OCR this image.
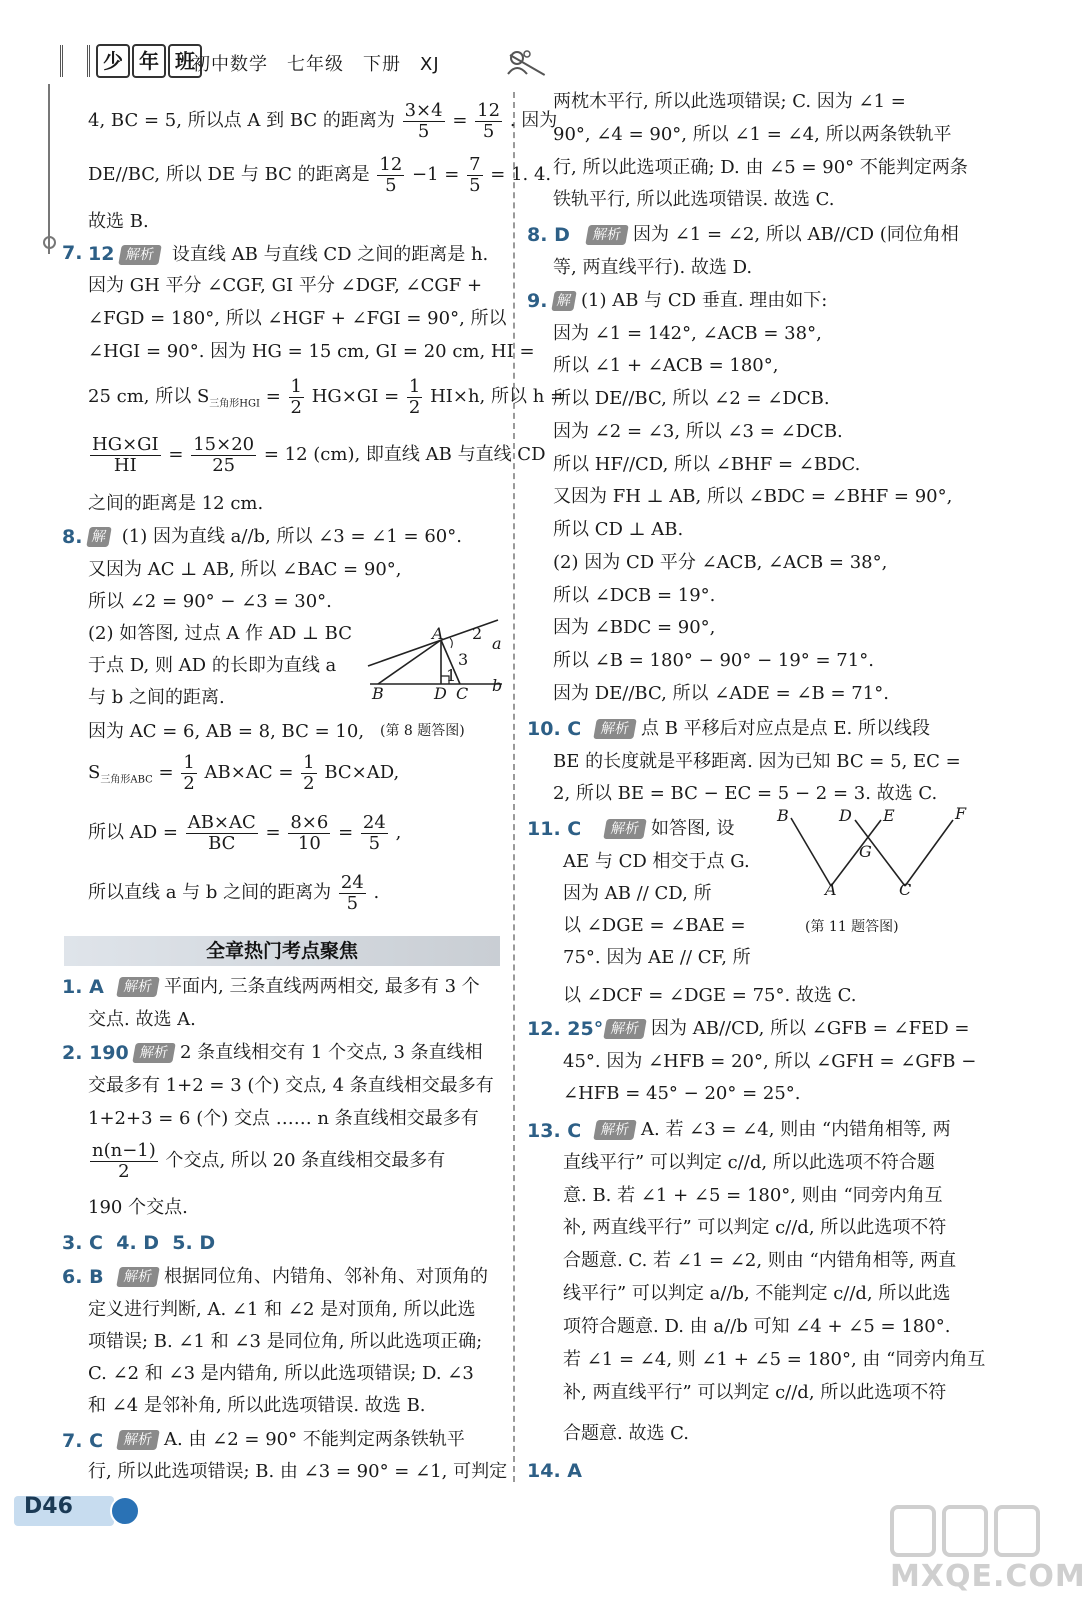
少 年 班
初中数学　七年级　下册　XJ
4, BC = 5, 所以点 A 到 BC 的距离为 $\frac{3\times 4}{5} = \frac{12}{5}$ . 因为
DE//BC, 所以 DE 与 BC 的距离是 $\frac{12}{5} -1 = \frac{7}{5} = 1$. 4.
故选 B.
7. 12 解析 设直线 AB 与直线 CD 之间的距离是 h.
因为 GH 平分 ∠CGF, GI 平分 ∠DGF, ∠CGF +
∠FGD = 180°, 所以 ∠HGF + ∠FGI = 90°, 所以
∠HGI = 90°. 因为 HG = 15 cm, GI = 20 cm, HI =
25 cm, 所以 $S_{三角形HGI} = \frac{1}{2} HG\times GI = \frac{1}{2} HI\times h$, 所以 h =
$\frac{HG\times GI}{HI} = \frac{15\times 20}{25} = 12$ (cm), 即直线 AB 与直线 CD
之间的距离是 12 cm.
8. 解 (1) 因为直线 a//b, 所以 ∠3 = ∠1 = 60°.
又因为 AC ⊥ AB, 所以 ∠BAC = 90°,
所以 ∠2 = 90° − ∠3 = 30°.
(2) 如答图, 过点 A 作 AD ⊥ BC
于点 D, 则 AD 的长即为直线 a
与 b 之间的距离.
因为 AC = 6, AB = 8, BC = 10,
A 2
a
3
1
B	D C b
(第 8 题答图)
$S_{三角形ABC} = \frac{1}{2} AB\times AC = \frac{1}{2} BC\times AD$,
所以 AD = $\frac{AB\times AC}{BC} = \frac{8\times 6}{10} = \frac{24}{5}$ ,
所以直线 a 与 b 之间的距离为 $\frac{24}{5}$ .
全章热门考点聚焦
1. A	解析 平面内, 三条直线两两相交, 最多有 3 个
交点. 故选 A.
2. 190 解析 2 条直线相交有 1 个交点, 3 条直线相
交最多有 1+2 = 3 (个) 交点, 4 条直线相交最多有
1+2+3 = 6 (个) 交点 …… n 条直线相交最多有
$\frac{n(n-1)}{2}$ 个交点, 所以 20 条直线相交最多有
190 个交点.
3. C 4. D 5. D
6. B	解析 根据同位角、内错角、邻补角、对顶角的
定义进行判断, A. ∠1 和 ∠2 是对顶角, 所以此选
项错误; B. ∠1 和 ∠3 是同位角, 所以此选项正确;
C. ∠2 和 ∠3 是内错角, 所以此选项错误; D. ∠3
和 ∠4 是邻补角, 所以此选项错误. 故选 B.
7. C	解析 A. 由 ∠2 = 90° 不能判定两条铁轨平
行, 所以此选项错误; B. 由 ∠3 = 90° = ∠1, 可判定
两枕木平行, 所以此选项错误; C. 因为 ∠1 =
90°, ∠4 = 90°, 所以 ∠1 = ∠4, 所以两条铁轨平
行, 所以此选项正确; D. 由 ∠5 = 90° 不能判定两条
铁轨平行, 所以此选项错误. 故选 C.
8. D	解析 因为 ∠1 = ∠2, 所以 AB//CD (同位角相
等, 两直线平行). 故选 D.
9. 解 (1) AB 与 CD 垂直. 理由如下:
因为 ∠1 = 142°, ∠ACB = 38°,
所以 ∠1 + ∠ACB = 180°,
所以 DE//BC, 所以 ∠2 = ∠DCB.
因为 ∠2 = ∠3, 所以 ∠3 = ∠DCB.
所以 HF//CD, 所以 ∠BHF = ∠BDC.
又因为 FH ⊥ AB, 所以 ∠BDC = ∠BHF = 90°,
所以 CD ⊥ AB.
(2) 因为 CD 平分 ∠ACB, ∠ACB = 38°,
所以 ∠DCB = 19°.
因为 ∠BDC = 90°,
所以 ∠B = 180° − 90° − 19° = 71°.
因为 DE//BC, 所以 ∠ADE = ∠B = 71°.
10. C	解析 点 B 平移后对应点是点 E. 所以线段
BE 的长度就是平移距离. 因为已知 BC = 5, EC =
2, 所以 BE = BC − EC = 5 − 2 = 3. 故选 C.
11. C	解析 如答图, 设
AE 与 CD 相交于点 G.
因为 AB // CD, 所
以 ∠DGE = ∠BAE =
75°. 因为 AE // CF, 所
以 ∠DCF = ∠DGE = 75°. 故选 C.
B	D E	F
G
A	C
(第 11 题答图)
12. 25° 解析 因为 AB//CD, 所以 ∠GFB = ∠FED =
45°. 因为 ∠HFB = 20°, 所以 ∠GFH = ∠GFB −
∠HFB = 45° − 20° = 25°.
13. C	解析 A. 若 ∠3 = ∠4, 则由 “内错角相等, 两
直线平行” 可以判定 c//d, 所以此选项不符合题
意. B. 若 ∠1 + ∠5 = 180°, 则由 “同旁内角互
补, 两直线平行” 可以判定 c//d, 所以此选项不符
合题意. C. 若 ∠1 = ∠2, 则由 “内错角相等, 两直
线平行” 可以判定 a//b, 不能判定 c//d, 所以此选
项符合题意. D. 由 a//b 可知 ∠4 + ∠5 = 180°.
若 ∠1 = ∠4, 则 ∠1 + ∠5 = 180°, 由 “同旁内角互
补, 两直线平行” 可以判定 c//d, 所以此选项不符
合题意. 故选 C.
14. A
D46
MXQE.COM
